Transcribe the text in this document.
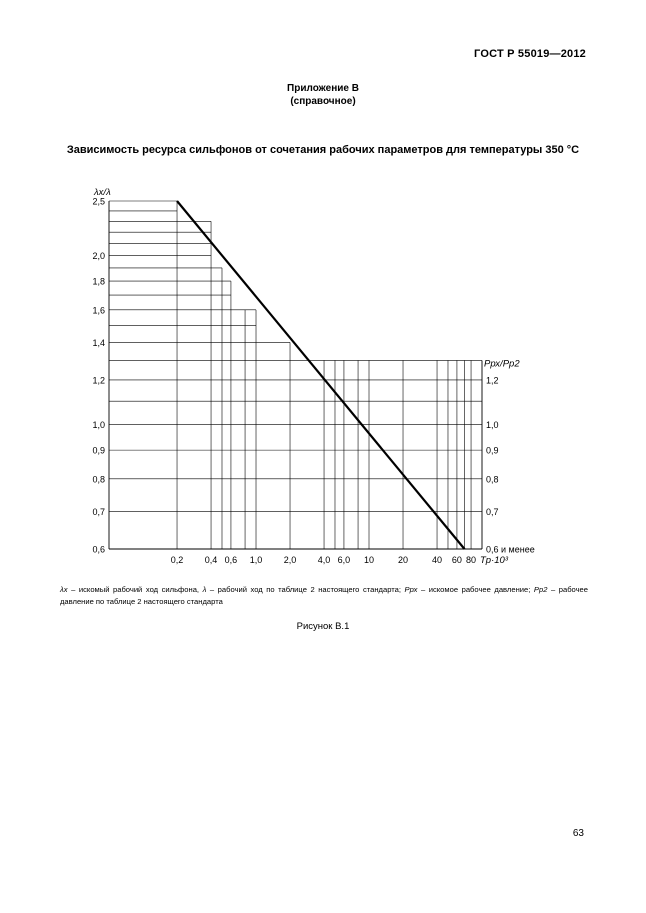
ГОСТ Р 55019—2012
Приложение В
(справочное)
Зависимость ресурса сильфонов от сочетания рабочих параметров для температуры 350 °C
2,5
2,0
1,8
1,6
1,4
1,2
1,0
0,9
0,8
0,7
0,6
1,2
1,0
0,9
0,8
0,7
0,6 и менее
0,2 0,4 0,6 1,0 2,0 4,0 6,0 10	20	40 60 80
λx/λ
Pрх/Pр2
Tр·10³
λx – искомый рабочий ход сильфона, λ – рабочий ход по таблице 2 настоящего стандарта; Pрх – искомое рабочее давление; Pр2 – рабочее давление по таблице 2 настоящего стандарта
Рисунок В.1
63
